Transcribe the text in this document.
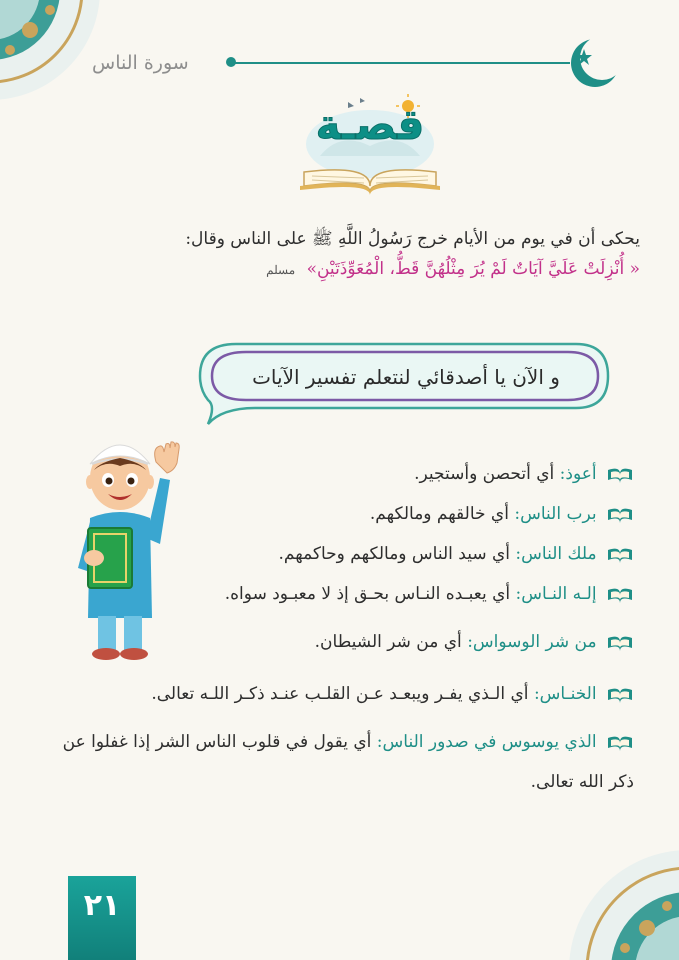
سورة الناس
قصـة
يحكى أن في يوم من الأيام خرج رَسُولُ اللَّهِ ﷺ على الناس وقال:
« أُنْزِلَتْ عَلَيَّ آيَاتٌ لَمْ يُرَ مِثْلُهُنَّ قَطُّ، الْمُعَوِّذَتَيْنِ» مسلم
و الآن يا أصدقائي لنتعلم تفسير الآيات

أعوذ: أي أتحصن وأستجير.

برب الناس: أي خالقهم ومالكهم.

ملك الناس: أي سيد الناس ومالكهم وحاكمهم.

إلـه النـاس: أي يعبـده النـاس بحـق إذ لا معبـود سواه.

من شر الوسواس: أي من شر الشيطان.

الخنـاس: أي الـذي يفـر ويبعـد عـن القلـب عنـد ذكـر اللـه تعالى.

الذي يوسوس في صدور الناس: أي يقول في قلوب الناس الشر إذا غفلوا عن ذكر الله تعالى.

٢١
